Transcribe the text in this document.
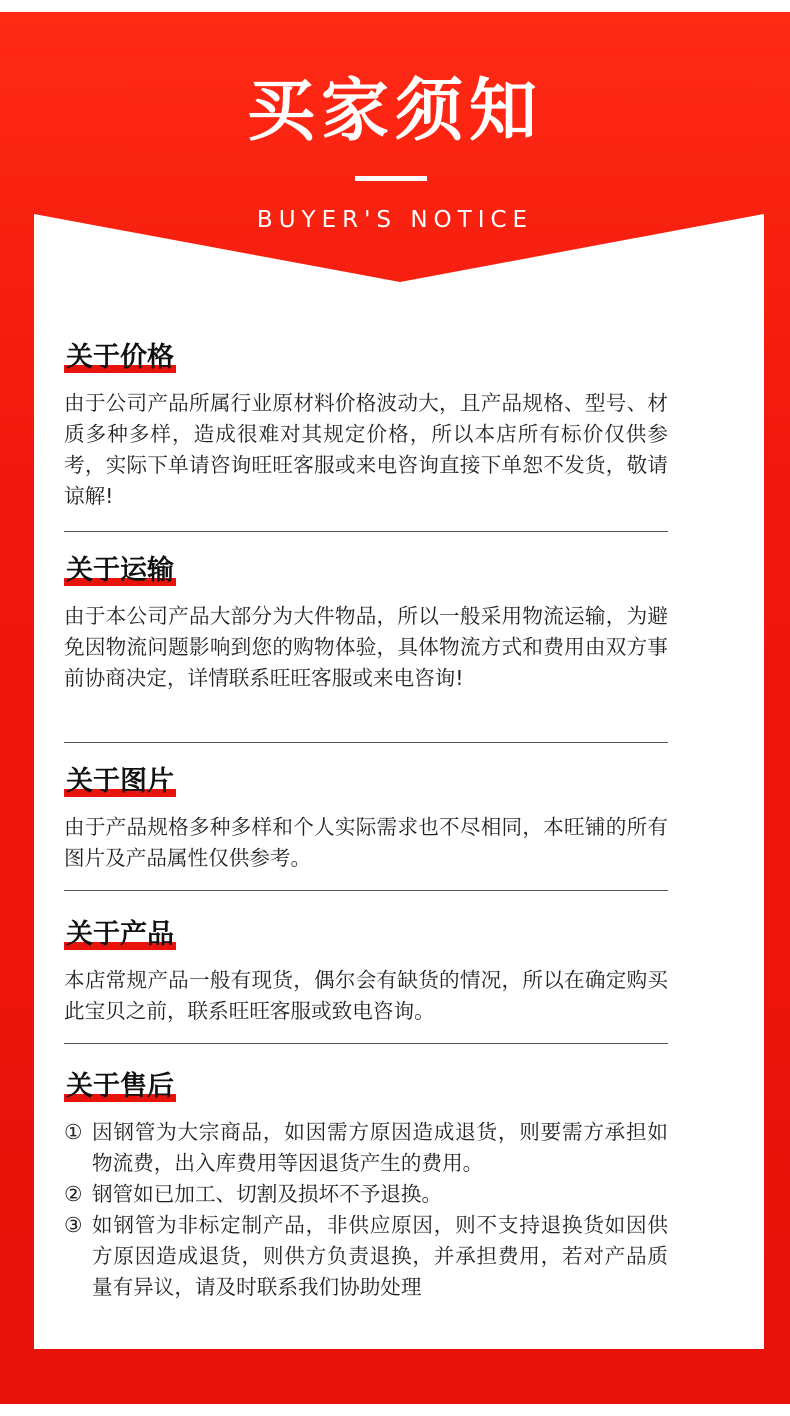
买家须知
BUYER'S NOTICE
关于价格
由于公司产品所属行业原材料价格波动大，且产品规格、型号、材质多种多样，造成很难对其规定价格，所以本店所有标价仅供参考，实际下单请咨询旺旺客服或来电咨询直接下单恕不发货，敬请谅解!
关于运输
由于本公司产品大部分为大件物品，所以一般采用物流运输，为避免因物流问题影响到您的购物体验，具体物流方式和费用由双方事前协商决定，详情联系旺旺客服或来电咨询!
关于图片
由于产品规格多种多样和个人实际需求也不尽相同，本旺铺的所有图片及产品属性仅供参考。
关于产品
本店常规产品一般有现货，偶尔会有缺货的情况，所以在确定购买此宝贝之前，联系旺旺客服或致电咨询。
关于售后
① 因钢管为大宗商品，如因需方原因造成退货，则要需方承担如物流费，出入库费用等因退货产生的费用。
② 钢管如已加工、切割及损坏不予退换。
③ 如钢管为非标定制产品，非供应原因，则不支持退换货如因供方原因造成退货，则供方负责退换，并承担费用，若对产品质量有异议，请及时联系我们协助处理
